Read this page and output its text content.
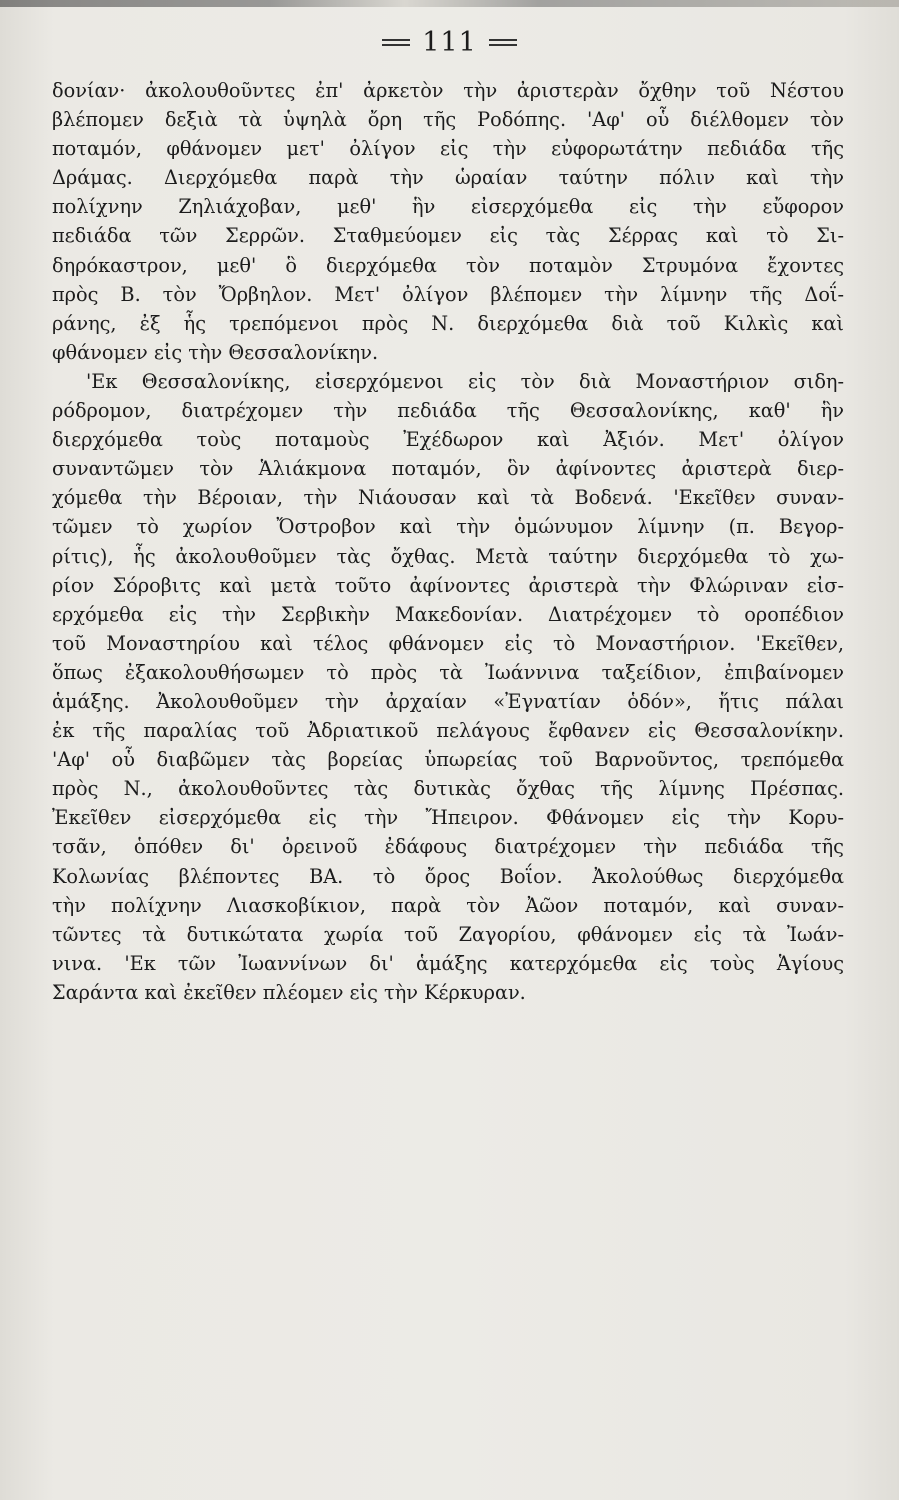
111
δονίαν· ἀκολουθοῦντες ἐπ' ἀρκετὸν τὴν ἀριστερὰν ὄχθην τοῦ Νέστου
βλέπομεν δεξιὰ τὰ ὑψηλὰ ὄρη τῆς Ροδόπης. 'Αφ' οὗ διέλθομεν τὸν
ποταμόν, φθάνομεν μετ' ὀλίγον εἰς τὴν εὐφορωτάτην πεδιάδα τῆς
Δράμας. Διερχόμεθα παρὰ τὴν ὡραίαν ταύτην πόλιν καὶ τὴν
πολίχνην Ζηλιάχοβαν, μεθ' ἣν εἰσερχόμεθα εἰς τὴν εὔφορον
πεδιάδα τῶν Σερρῶν. Σταθμεύομεν εἰς τὰς Σέρρας καὶ τὸ Σι-
δηρόκαστρον, μεθ' ὃ διερχόμεθα τὸν ποταμὸν Στρυμόνα ἔχοντες
πρὸς Β. τὸν Ὄρβηλον. Μετ' ὀλίγον βλέπομεν τὴν λίμνην τῆς Δοΐ-
ράνης, ἐξ ἧς τρεπόμενοι πρὸς Ν. διερχόμεθα διὰ τοῦ Κιλκὶς καὶ
φθάνομεν εἰς τὴν Θεσσαλονίκην.
'Εκ Θεσσαλονίκης, εἰσερχόμενοι εἰς τὸν διὰ Μοναστήριον σιδη-
ρόδρομον, διατρέχομεν τὴν πεδιάδα τῆς Θεσσαλονίκης, καθ' ἣν
διερχόμεθα τοὺς ποταμοὺς Ἐχέδωρον καὶ Ἀξιόν. Μετ' ὀλίγον
συναντῶμεν τὸν Ἁλιάκμονα ποταμόν, ὃν ἀφίνοντες ἀριστερὰ διερ-
χόμεθα τὴν Βέροιαν, τὴν Νιάουσαν καὶ τὰ Βοδενά. 'Εκεῖθεν συναν-
τῶμεν τὸ χωρίον Ὄστροβον καὶ τὴν ὁμώνυμον λίμνην (π. Βεγορ-
ρίτις), ἧς ἀκολουθοῦμεν τὰς ὄχθας. Μετὰ ταύτην διερχόμεθα τὸ χω-
ρίον Σόροβιτς καὶ μετὰ τοῦτο ἀφίνοντες ἀριστερὰ τὴν Φλώριναν εἰσ-
ερχόμεθα εἰς τὴν Σερβικὴν Μακεδονίαν. Διατρέχομεν τὸ οροπέδιον
τοῦ Μοναστηρίου καὶ τέλος φθάνομεν εἰς τὸ Μοναστήριον. 'Εκεῖθεν,
ὅπως ἐξακολουθήσωμεν τὸ πρὸς τὰ Ἰωάννινα ταξείδιον, ἐπιβαίνομεν
ἁμάξης. Ἀκολουθοῦμεν τὴν ἀρχαίαν «Ἐγνατίαν ὁδόν», ἥτις πάλαι
ἐκ τῆς παραλίας τοῦ Ἀδριατικοῦ πελάγους ἔφθανεν εἰς Θεσσαλονίκην.
'Αφ' οὗ διαβῶμεν τὰς βορείας ὑπωρείας τοῦ Βαρνοῦντος, τρεπόμεθα
πρὸς Ν., ἀκολουθοῦντες τὰς δυτικὰς ὄχθας τῆς λίμνης Πρέσπας.
Ἐκεῖθεν εἰσερχόμεθα εἰς τὴν Ἤπειρον. Φθάνομεν εἰς τὴν Κορυ-
τσᾶν, ὁπόθεν δι' ὀρεινοῦ ἐδάφους διατρέχομεν τὴν πεδιάδα τῆς
Κολωνίας βλέποντες ΒΑ. τὸ ὄρος Βοΐον. Ἀκολούθως διερχόμεθα
τὴν πολίχνην Λιασκοβίκιον, παρὰ τὸν Ἀῶον ποταμόν, καὶ συναν-
τῶντες τὰ δυτικώτατα χωρία τοῦ Ζαγορίου, φθάνομεν εἰς τὰ Ἰωάν-
νινα. 'Εκ τῶν Ἰωαννίνων δι' ἁμάξης κατερχόμεθα εἰς τοὺς Ἁγίους
Σαράντα καὶ ἐκεῖθεν πλέομεν εἰς τὴν Κέρκυραν.
